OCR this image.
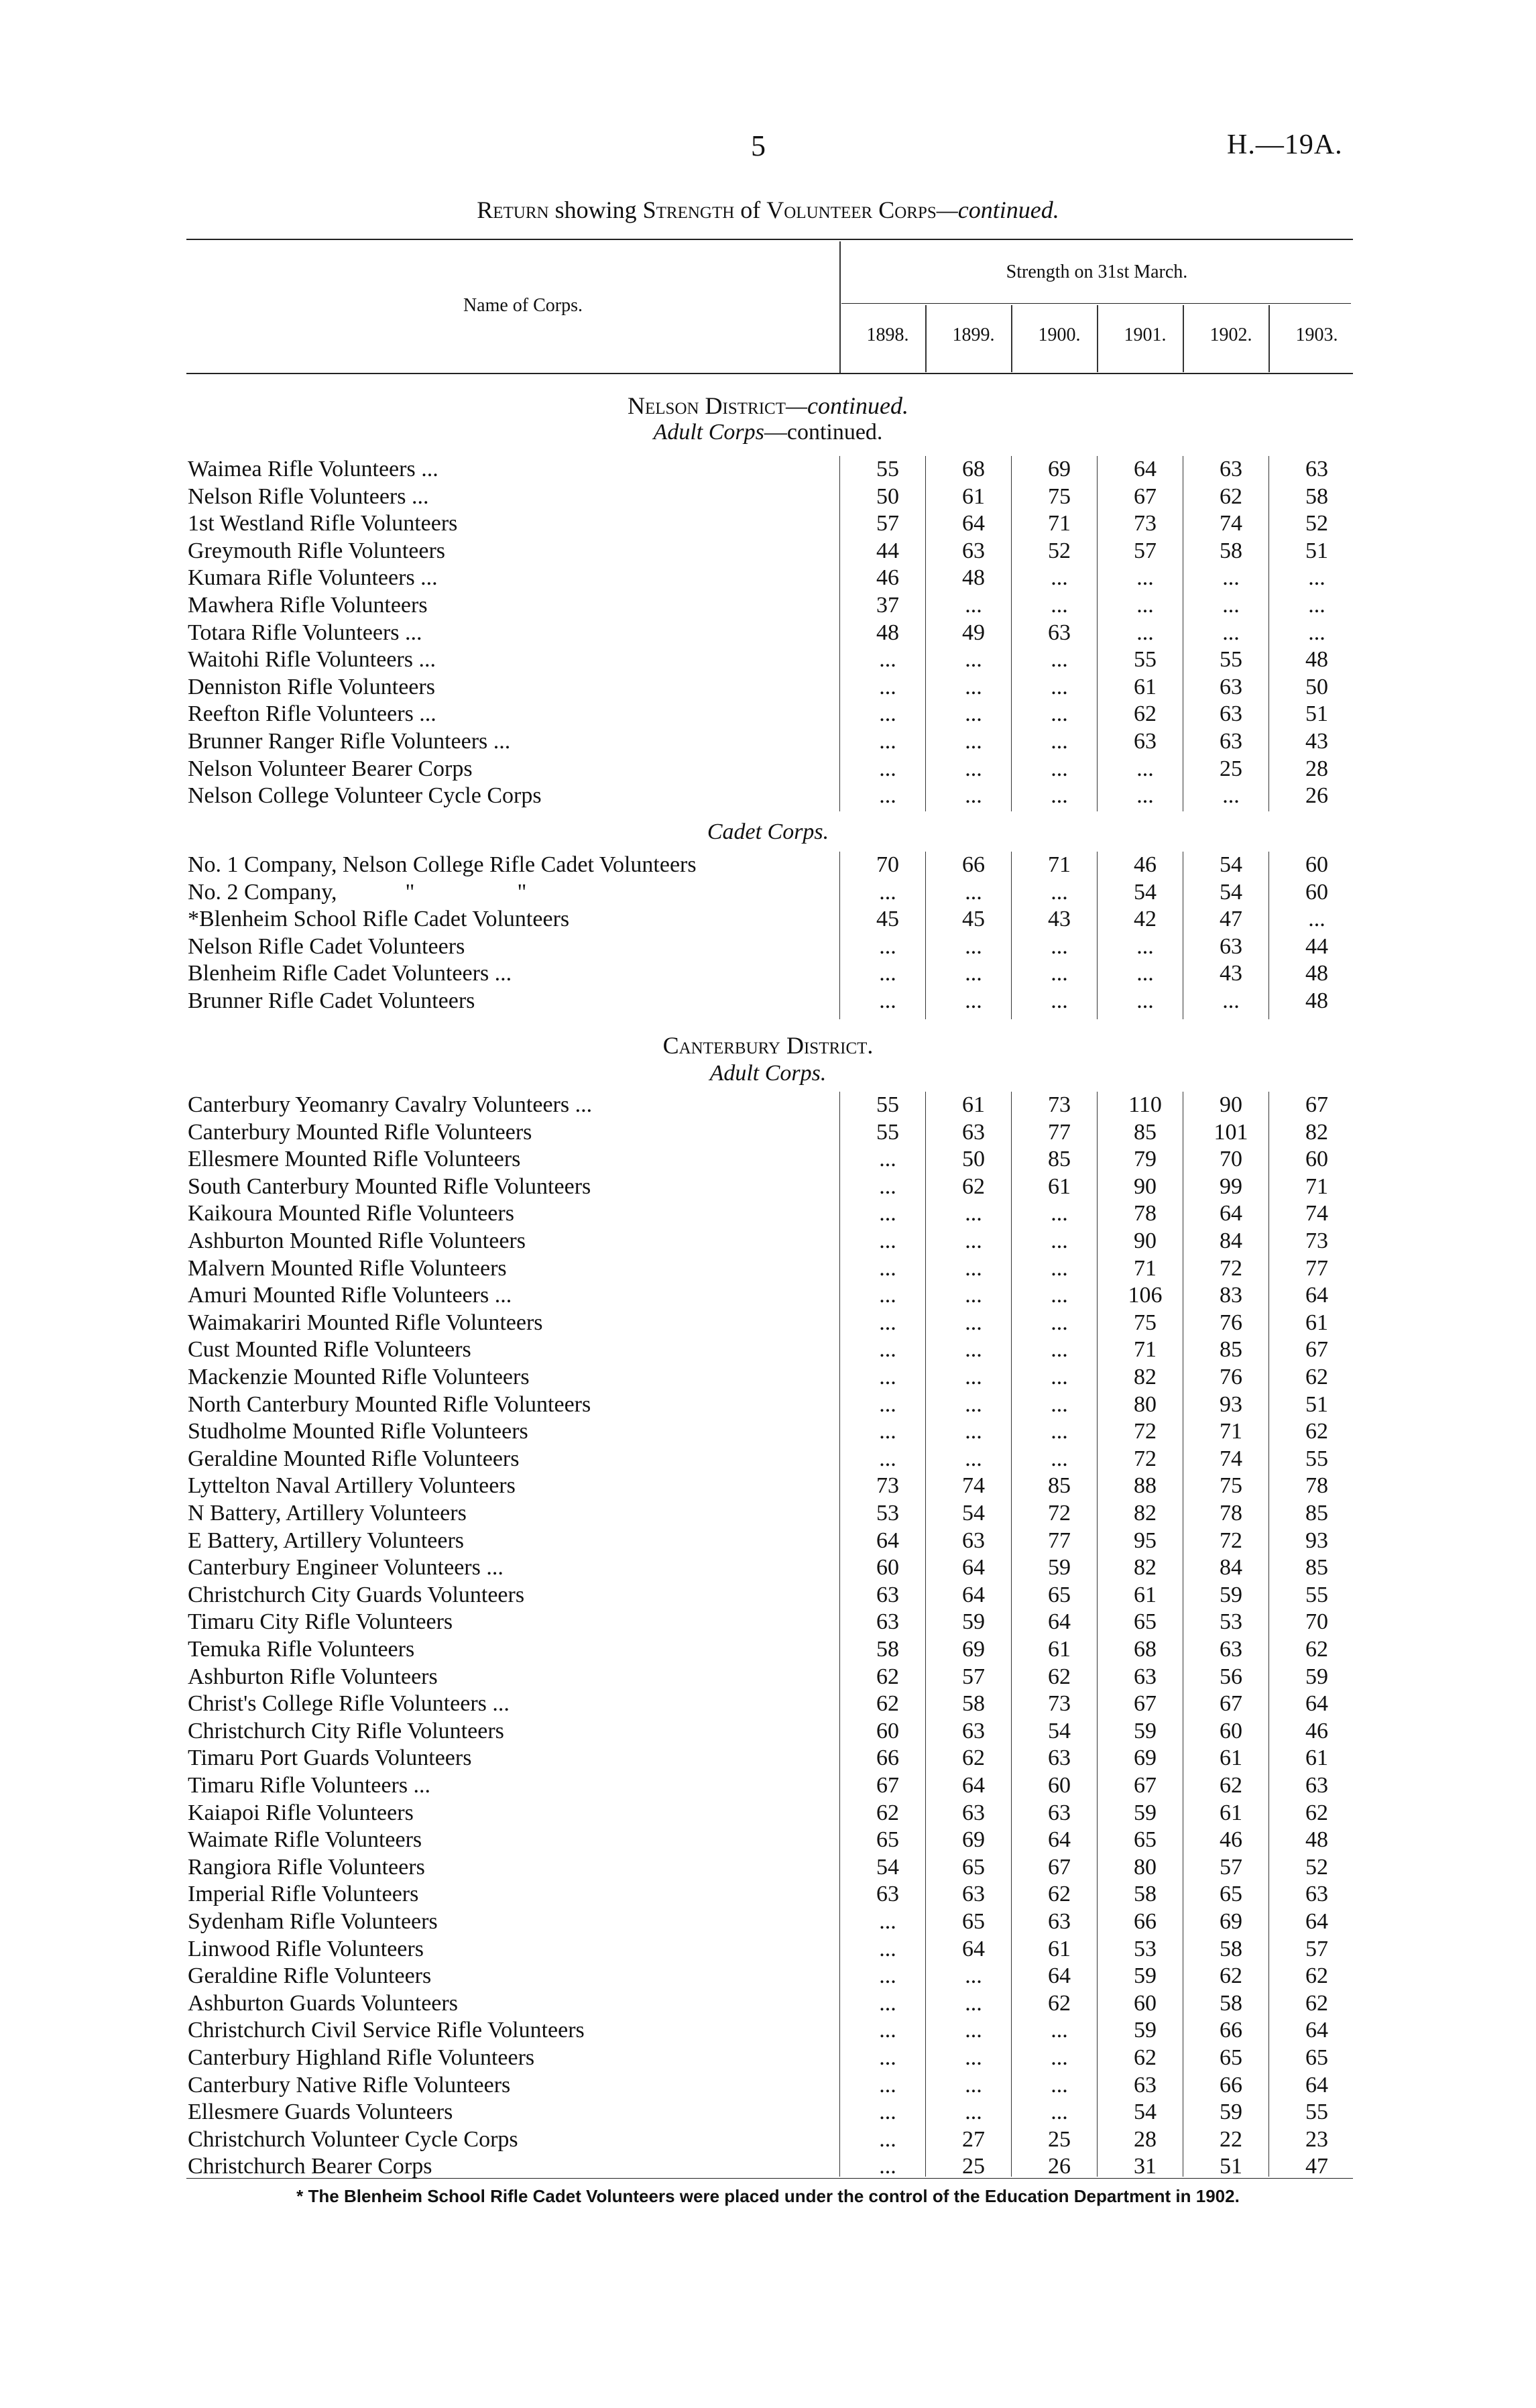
5	H.—19A.
Return showing Strength of Volunteer Corps—continued.
Name of Corps.
Strength on 31st March.
1898.	1899.	1900.	1901.	1902.	1903.
Nelson District—continued.
Adult Corps—continued.
Cadet Corps.
Canterbury District.
Adult Corps.
Waimea Rifle Volunteers ...	55	68	69	64	63	63
Nelson Rifle Volunteers ...	50	61	75	67	62	58
1st Westland Rifle Volunteers	57	64	71	73	74	52
Greymouth Rifle Volunteers	44	63	52	57	58	51
Kumara Rifle Volunteers ...	46	48	...	...	...	...
Mawhera Rifle Volunteers	37	...	...	...	...	...
Totara Rifle Volunteers ...	48	49	63	...	...	...
Waitohi Rifle Volunteers ...	...	...	...	55	55	48
Denniston Rifle Volunteers	...	...	...	61	63	50
Reefton Rifle Volunteers ...	...	...	...	62	63	51
Brunner Ranger Rifle Volunteers ...	...	...	...	63	63	43
Nelson Volunteer Bearer Corps	...	...	...	...	25	28
Nelson College Volunteer Cycle Corps	...	...	...	...	...	26
No. 1 Company, Nelson College Rifle Cadet Volunteers	70	66	71	46	54	60
No. 2 Company,            "                  "	...	...	...	54	54	60
*Blenheim School Rifle Cadet Volunteers	45	45	43	42	47	...
Nelson Rifle Cadet Volunteers	...	...	...	...	63	44
Blenheim Rifle Cadet Volunteers ...	...	...	...	...	43	48
Brunner Rifle Cadet Volunteers	...	...	...	...	...	48
Canterbury Yeomanry Cavalry Volunteers ...	55	61	73	110	90	67
Canterbury Mounted Rifle Volunteers	55	63	77	85	101	82
Ellesmere Mounted Rifle Volunteers	...	50	85	79	70	60
South Canterbury Mounted Rifle Volunteers	...	62	61	90	99	71
Kaikoura Mounted Rifle Volunteers	...	...	...	78	64	74
Ashburton Mounted Rifle Volunteers	...	...	...	90	84	73
Malvern Mounted Rifle Volunteers	...	...	...	71	72	77
Amuri Mounted Rifle Volunteers ...	...	...	...	106	83	64
Waimakariri Mounted Rifle Volunteers	...	...	...	75	76	61
Cust Mounted Rifle Volunteers	...	...	...	71	85	67
Mackenzie Mounted Rifle Volunteers	...	...	...	82	76	62
North Canterbury Mounted Rifle Volunteers	...	...	...	80	93	51
Studholme Mounted Rifle Volunteers	...	...	...	72	71	62
Geraldine Mounted Rifle Volunteers	...	...	...	72	74	55
Lyttelton Naval Artillery Volunteers	73	74	85	88	75	78
N Battery, Artillery Volunteers	53	54	72	82	78	85
E Battery, Artillery Volunteers	64	63	77	95	72	93
Canterbury Engineer Volunteers ...	60	64	59	82	84	85
Christchurch City Guards Volunteers	63	64	65	61	59	55
Timaru City Rifle Volunteers	63	59	64	65	53	70
Temuka Rifle Volunteers	58	69	61	68	63	62
Ashburton Rifle Volunteers	62	57	62	63	56	59
Christ's College Rifle Volunteers ...	62	58	73	67	67	64
Christchurch City Rifle Volunteers	60	63	54	59	60	46
Timaru Port Guards Volunteers	66	62	63	69	61	61
Timaru Rifle Volunteers ...	67	64	60	67	62	63
Kaiapoi Rifle Volunteers	62	63	63	59	61	62
Waimate Rifle Volunteers	65	69	64	65	46	48
Rangiora Rifle Volunteers	54	65	67	80	57	52
Imperial Rifle Volunteers	63	63	62	58	65	63
Sydenham Rifle Volunteers	...	65	63	66	69	64
Linwood Rifle Volunteers	...	64	61	53	58	57
Geraldine Rifle Volunteers	...	...	64	59	62	62
Ashburton Guards Volunteers	...	...	62	60	58	62
Christchurch Civil Service Rifle Volunteers	...	...	...	59	66	64
Canterbury Highland Rifle Volunteers	...	...	...	62	65	65
Canterbury Native Rifle Volunteers	...	...	...	63	66	64
Ellesmere Guards Volunteers	...	...	...	54	59	55
Christchurch Volunteer Cycle Corps	...	27	25	28	22	23
Christchurch Bearer Corps	...	25	26	31	51	47
* The Blenheim School Rifle Cadet Volunteers were placed under the control of the Education Department in 1902.
